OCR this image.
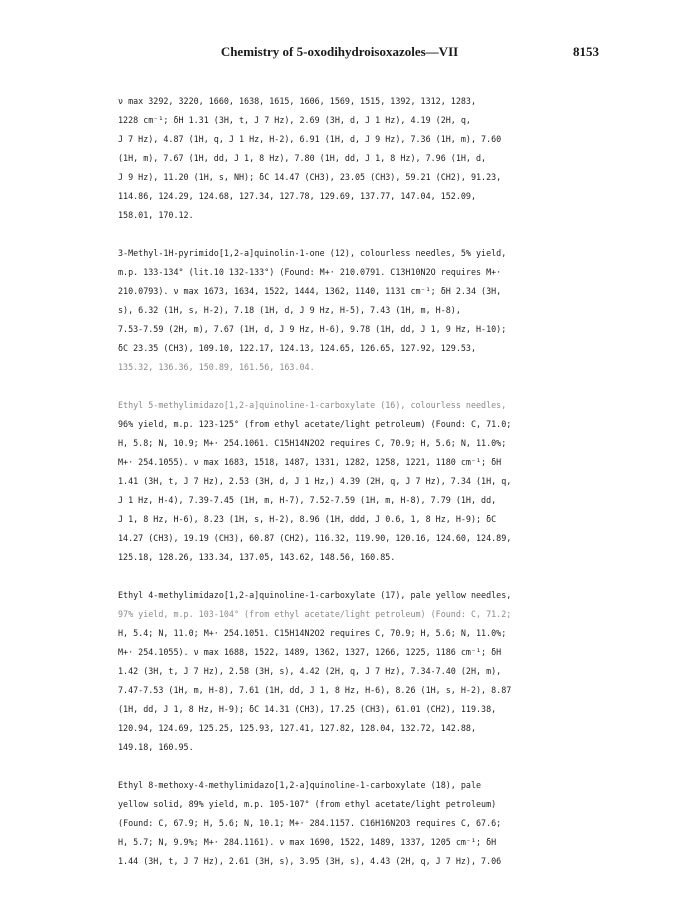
Chemistry of 5-oxodihydroisoxazoles—VII	8153
ν max 3292, 3220, 1660, 1638, 1615, 1606, 1569, 1515, 1392, 1312, 1283,
1228 cm⁻¹; δH 1.31 (3H, t, J 7 Hz), 2.69 (3H, d, J 1 Hz), 4.19 (2H, q,
J 7 Hz), 4.87 (1H, q, J 1 Hz, H-2), 6.91 (1H, d, J 9 Hz), 7.36 (1H, m), 7.60
(1H, m), 7.67 (1H, dd, J 1, 8 Hz), 7.80 (1H, dd, J 1, 8 Hz), 7.96 (1H, d,
J 9 Hz), 11.20 (1H, s, NH); δC 14.47 (CH3), 23.05 (CH3), 59.21 (CH2), 91.23,
114.86, 124.29, 124.68, 127.34, 127.78, 129.69, 137.77, 147.04, 152.09,
158.01, 170.12.
3-Methyl-1H-pyrimido[1,2-a]quinolin-1-one (12), colourless needles, 5% yield,
m.p. 133-134° (lit.10 132-133°) (Found: M+· 210.0791. C13H10N2O requires M+·
210.0793). ν max 1673, 1634, 1522, 1444, 1362, 1140, 1131 cm⁻¹; δH 2.34 (3H,
s), 6.32 (1H, s, H-2), 7.18 (1H, d, J 9 Hz, H-5), 7.43 (1H, m, H-8),
7.53-7.59 (2H, m), 7.67 (1H, d, J 9 Hz, H-6), 9.78 (1H, dd, J 1, 9 Hz, H-10);
δC 23.35 (CH3), 109.10, 122.17, 124.13, 124.65, 126.65, 127.92, 129.53,
135.32, 136.36, 150.89, 161.56, 163.04.
Ethyl 5-methylimidazo[1,2-a]quinoline-1-carboxylate (16), colourless needles,
96% yield, m.p. 123-125° (from ethyl acetate/light petroleum) (Found: C, 71.0;
H, 5.8; N, 10.9; M+· 254.1061. C15H14N2O2 requires C, 70.9; H, 5.6; N, 11.0%;
M+· 254.1055). ν max 1683, 1518, 1487, 1331, 1282, 1258, 1221, 1180 cm⁻¹; δH
1.41 (3H, t, J 7 Hz), 2.53 (3H, d, J 1 Hz,) 4.39 (2H, q, J 7 Hz), 7.34 (1H, q,
J 1 Hz, H-4), 7.39-7.45 (1H, m, H-7), 7.52-7.59 (1H, m, H-8), 7.79 (1H, dd,
J 1, 8 Hz, H-6), 8.23 (1H, s, H-2), 8.96 (1H, ddd, J 0.6, 1, 8 Hz, H-9); δC
14.27 (CH3), 19.19 (CH3), 60.87 (CH2), 116.32, 119.90, 120.16, 124.60, 124.89,
125.18, 128.26, 133.34, 137.05, 143.62, 148.56, 160.85.
Ethyl 4-methylimidazo[1,2-a]quinoline-1-carboxylate (17), pale yellow needles,
97% yield, m.p. 103-104° (from ethyl acetate/light petroleum) (Found: C, 71.2;
H, 5.4; N, 11.0; M+· 254.1051. C15H14N2O2 requires C, 70.9; H, 5.6; N, 11.0%;
M+· 254.1055). ν max 1688, 1522, 1489, 1362, 1327, 1266, 1225, 1186 cm⁻¹; δH
1.42 (3H, t, J 7 Hz), 2.58 (3H, s), 4.42 (2H, q, J 7 Hz), 7.34-7.40 (2H, m),
7.47-7.53 (1H, m, H-8), 7.61 (1H, dd, J 1, 8 Hz, H-6), 8.26 (1H, s, H-2), 8.87
(1H, dd, J 1, 8 Hz, H-9); δC 14.31 (CH3), 17.25 (CH3), 61.01 (CH2), 119.38,
120.94, 124.69, 125.25, 125.93, 127.41, 127.82, 128.04, 132.72, 142.88,
149.18, 160.95.
Ethyl 8-methoxy-4-methylimidazo[1,2-a]quinoline-1-carboxylate (18), pale
yellow solid, 89% yield, m.p. 105-107° (from ethyl acetate/light petroleum)
(Found: C, 67.9; H, 5.6; N, 10.1; M+· 284.1157. C16H16N2O3 requires C, 67.6;
H, 5.7; N, 9.9%; M+· 284.1161). ν max 1690, 1522, 1489, 1337, 1205 cm⁻¹; δH
1.44 (3H, t, J 7 Hz), 2.61 (3H, s), 3.95 (3H, s), 4.43 (2H, q, J 7 Hz), 7.06
